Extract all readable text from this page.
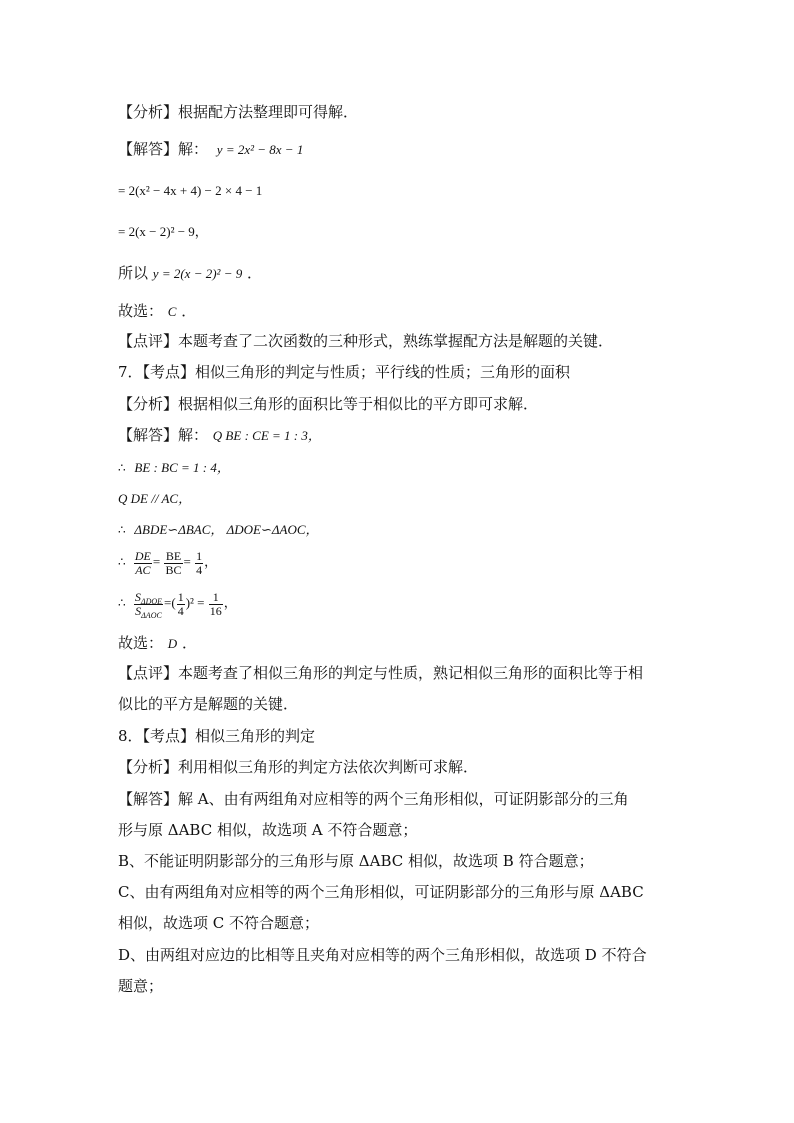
【分析】根据配方法整理即可得解．
【解答】解： y = 2x² − 8x − 1
= 2(x² − 4x + 4) − 2 × 4 − 1
= 2(x − 2)² − 9，
所以 y = 2(x − 2)² − 9 ．
故选： C ．
【点评】本题考查了二次函数的三种形式，熟练掌握配方法是解题的关键．
7．【考点】相似三角形的判定与性质；平行线的性质；三角形的面积
【分析】根据相似三角形的面积比等于相似比的平方即可求解．
【解答】解： Q BE : CE = 1 : 3，
∴ BE : BC = 1 : 4，
Q DE // AC，
∴ ΔBDE∽ΔBAC， ΔDOE∽ΔAOC，
∴ $\frac{DE}{AC} = \frac{BE}{BC} = \frac{1}{4}$ ，
∴ $\frac{S_{\Delta DOE}}{S_{\Delta AOC}}$ =( $\frac{1}{4} )^2 = \frac{1}{16}$ ，
故选： D ．
【点评】本题考查了相似三角形的判定与性质，熟记相似三角形的面积比等于相
似比的平方是解题的关键．
8．【考点】相似三角形的判定
【分析】利用相似三角形的判定方法依次判断可求解．
【解答】解 A、由有两组角对应相等的两个三角形相似，可证阴影部分的三角
形与原 ΔABC 相似，故选项 A 不符合题意；
B、不能证明阴影部分的三角形与原 ΔABC 相似，故选项 B 符合题意；
C、由有两组角对应相等的两个三角形相似，可证阴影部分的三角形与原 ΔABC
相似，故选项 C 不符合题意；
D、由两组对应边的比相等且夹角对应相等的两个三角形相似，故选项 D 不符合
题意；
